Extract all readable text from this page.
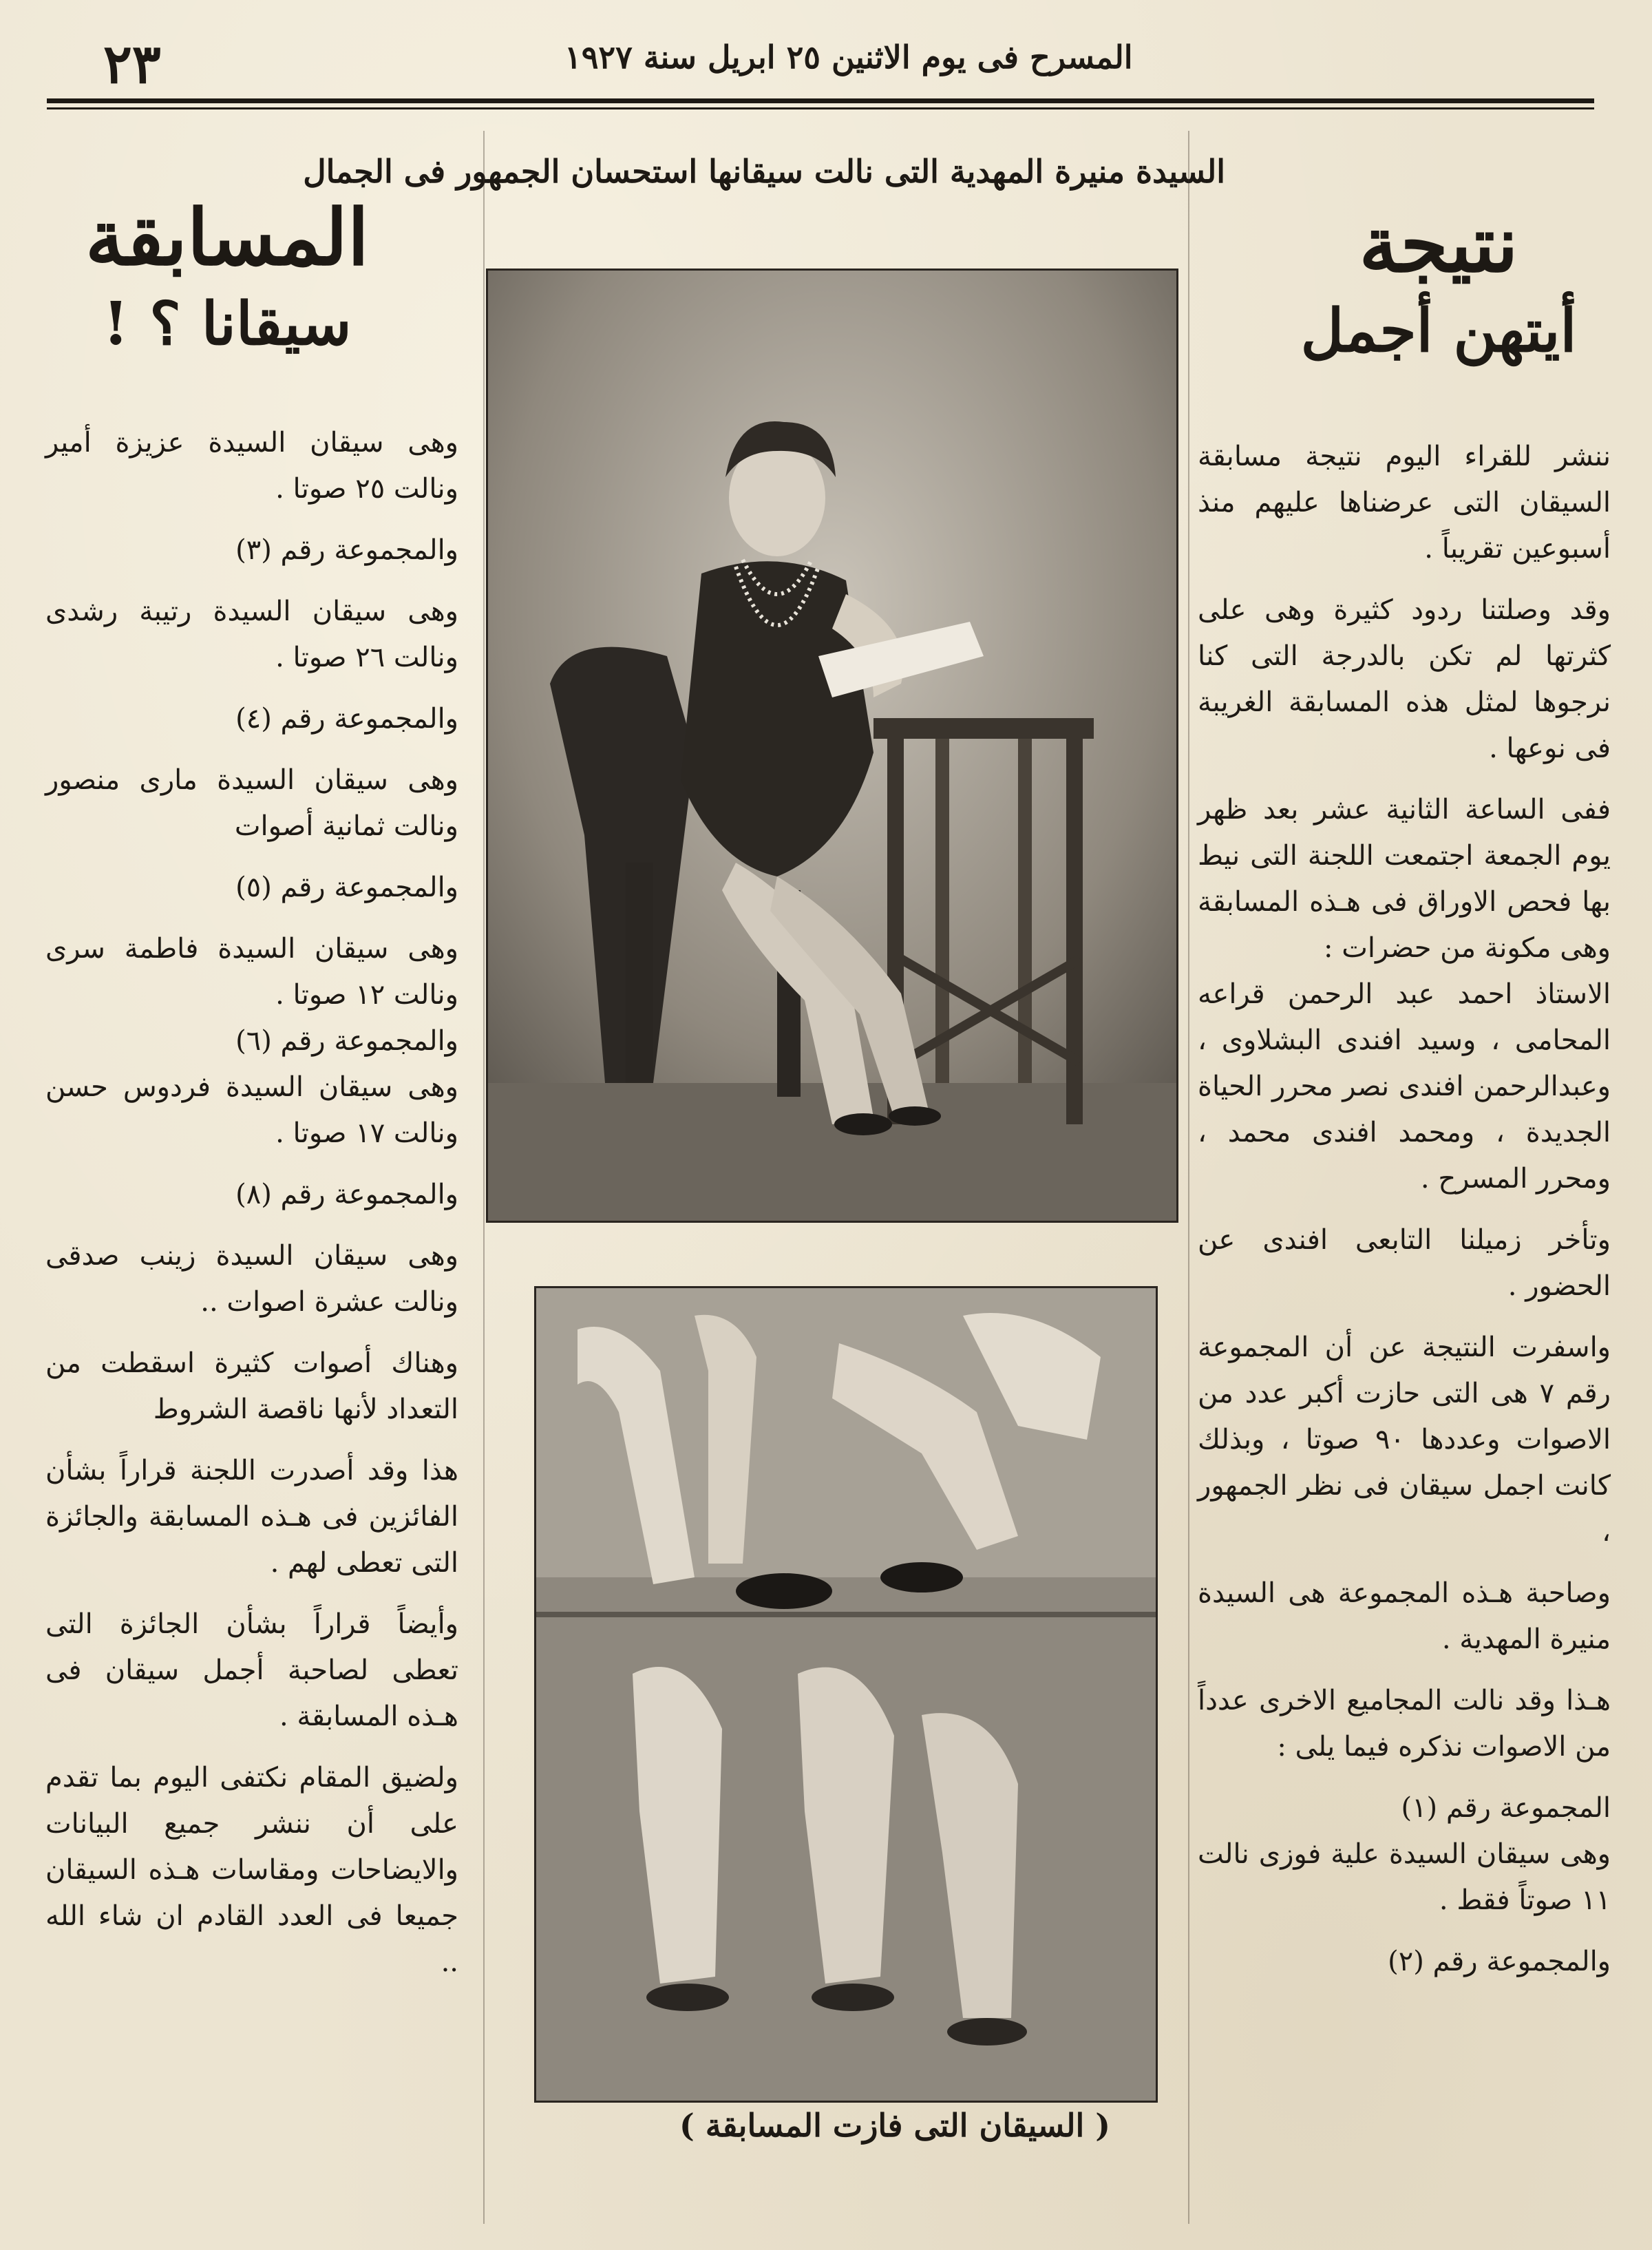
٢٣	المسرح فى يوم الاثنين ٢٥ ابريل سنة ١٩٢٧
السيدة منيرة المهدية التى نالت سيقانها استحسان الجمهور فى الجمال
نتيجة
أيتهن أجمل

ننشر للقراء اليوم نتيجة مسابقة السيقان التى عرضناها عليهم منذ أسبوعين تقريباً .

وقد وصلتنا ردود كثيرة وهى على كثرتها لم تكن بالدرجة التى كنا نرجوها لمثل هذه المسابقة الغريبة فى نوعها .

ففى الساعة الثانية عشر بعد ظهر يوم الجمعة اجتمعت اللجنة التى نيط بها فحص الاوراق فى هـذه المسابقة وهى مكونة من حضرات :

الاستاذ احمد عبد الرحمن قراعه المحامى ، وسيد افندى البشلاوى ، وعبدالرحمن افندى نصر محرر الحياة الجديدة ، ومحمد افندى محمد ، ومحرر المسرح .

وتأخر زميلنا التابعى افندى عن الحضور .

واسفرت النتيجة عن أن المجموعة رقم ٧ هى التى حازت أكبر عدد من الاصوات وعددها ٩٠ صوتا ، وبذلك كانت اجمل سيقان فى نظر الجمهور ،

وصاحبة هـذه المجموعة هى السيدة منيرة المهدية .

هـذا وقد نالت المجاميع الاخرى عدداً من الاصوات نذكره فيما يلى :

المجموعة رقم (١)

وهى سيقان السيدة علية فوزى نالت ١١ صوتاً فقط .

والمجموعة رقم (٢)

المسابقة
سيقانا ؟ !

وهى سيقان السيدة عزيزة أمير ونالت ٢٥ صوتا .

والمجموعة رقم (٣)

وهى سيقان السيدة رتيبة رشدى ونالت ٢٦ صوتا .

والمجموعة رقم (٤)

وهى سيقان السيدة مارى منصور ونالت ثمانية أصوات

والمجموعة رقم (٥)

وهى سيقان السيدة فاطمة سرى ونالت ١٢ صوتا .

والمجموعة رقم (٦)

وهى سيقان السيدة فردوس حسن ونالت ١٧ صوتا .

والمجموعة رقم (٨)

وهى سيقان السيدة زينب صدقى ونالت عشرة اصوات ..

وهناك أصوات كثيرة اسقطت من التعداد لأنها ناقصة الشروط

هذا وقد أصدرت اللجنة قراراً بشأن الفائزين فى هـذه المسابقة والجائزة التى تعطى لهم .

وأيضاً قراراً بشأن الجائزة التى تعطى لصاحبة أجمل سيقان فى هـذه المسابقة .

ولضيق المقام نكتفى اليوم بما تقدم على أن ننشر جميع البيانات والايضاحات ومقاسات هـذه السيقان جميعا فى العدد القادم ان شاء الله ..

( السيقان التى فازت المسابقة )
